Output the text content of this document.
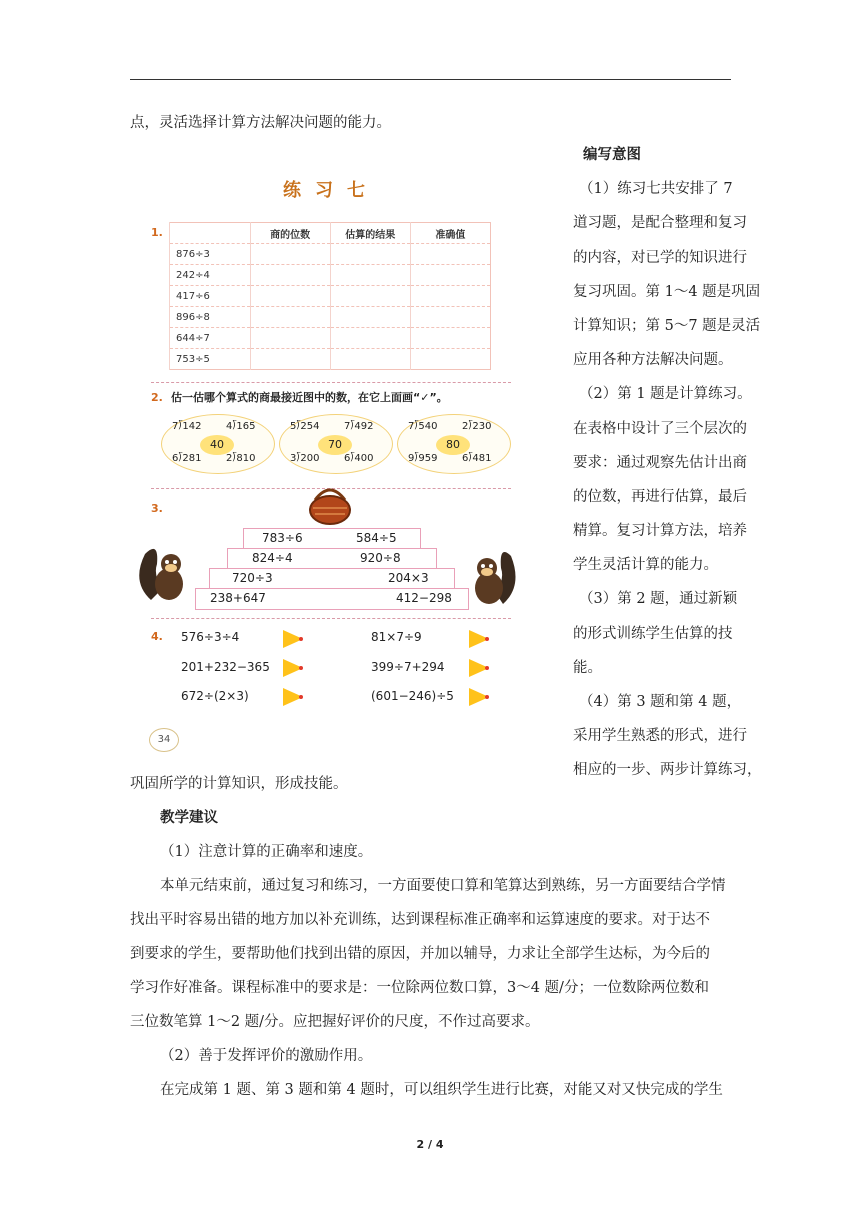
点，灵活选择计算方法解决问题的能力。
编写意图
（1）练习七共安排了 7
道习题，是配合整理和复习
的内容，对已学的知识进行
复习巩固。第 1～4 题是巩固
计算知识；第 5～7 题是灵活
应用各种方法解决问题。
（2）第 1 题是计算练习。
在表格中设计了三个层次的
要求：通过观察先估计出商
的位数，再进行估算，最后
精算。复习计算方法，培养
学生灵活计算的能力。
（3）第 2 题，通过新颖
的形式训练学生估算的技
能。
（4）第 3 题和第 4 题，
采用学生熟悉的形式，进行
相应的一步、两步计算练习，
练习七
1.
		商的位数	估算的结果	准确值
876÷3			
242÷4			
417÷6			
896÷8			
644÷7			
753÷5			
2. 估一估哪个算式的商最接近图中的数，在它上面画“✓”。
40
7⟌142 4⟌165
6⟌281 2⟌810
70
5⟌254 7⟌492
3⟌200 6⟌400
80
7⟌540 2⟌230
9⟌959 6⟌481
3.
783÷6	584÷5
824÷4	920÷8
720÷3	204×3
238+647	412−298
4. 576÷3÷4	81×7÷9
201+232−365	399÷7+294
672÷(2×3)	(601−246)÷5
34
巩固所学的计算知识，形成技能。
教学建议
（1）注意计算的正确率和速度。
本单元结束前，通过复习和练习，一方面要使口算和笔算达到熟练，另一方面要结合学情
找出平时容易出错的地方加以补充训练，达到课程标准正确率和运算速度的要求。对于达不
到要求的学生，要帮助他们找到出错的原因，并加以辅导，力求让全部学生达标，为今后的
学习作好准备。课程标准中的要求是：一位除两位数口算，3～4 题/分；一位数除两位数和
三位数笔算 1～2 题/分。应把握好评价的尺度，不作过高要求。
（2）善于发挥评价的激励作用。
在完成第 1 题、第 3 题和第 4 题时，可以组织学生进行比赛，对能又对又快完成的学生
2 / 4
